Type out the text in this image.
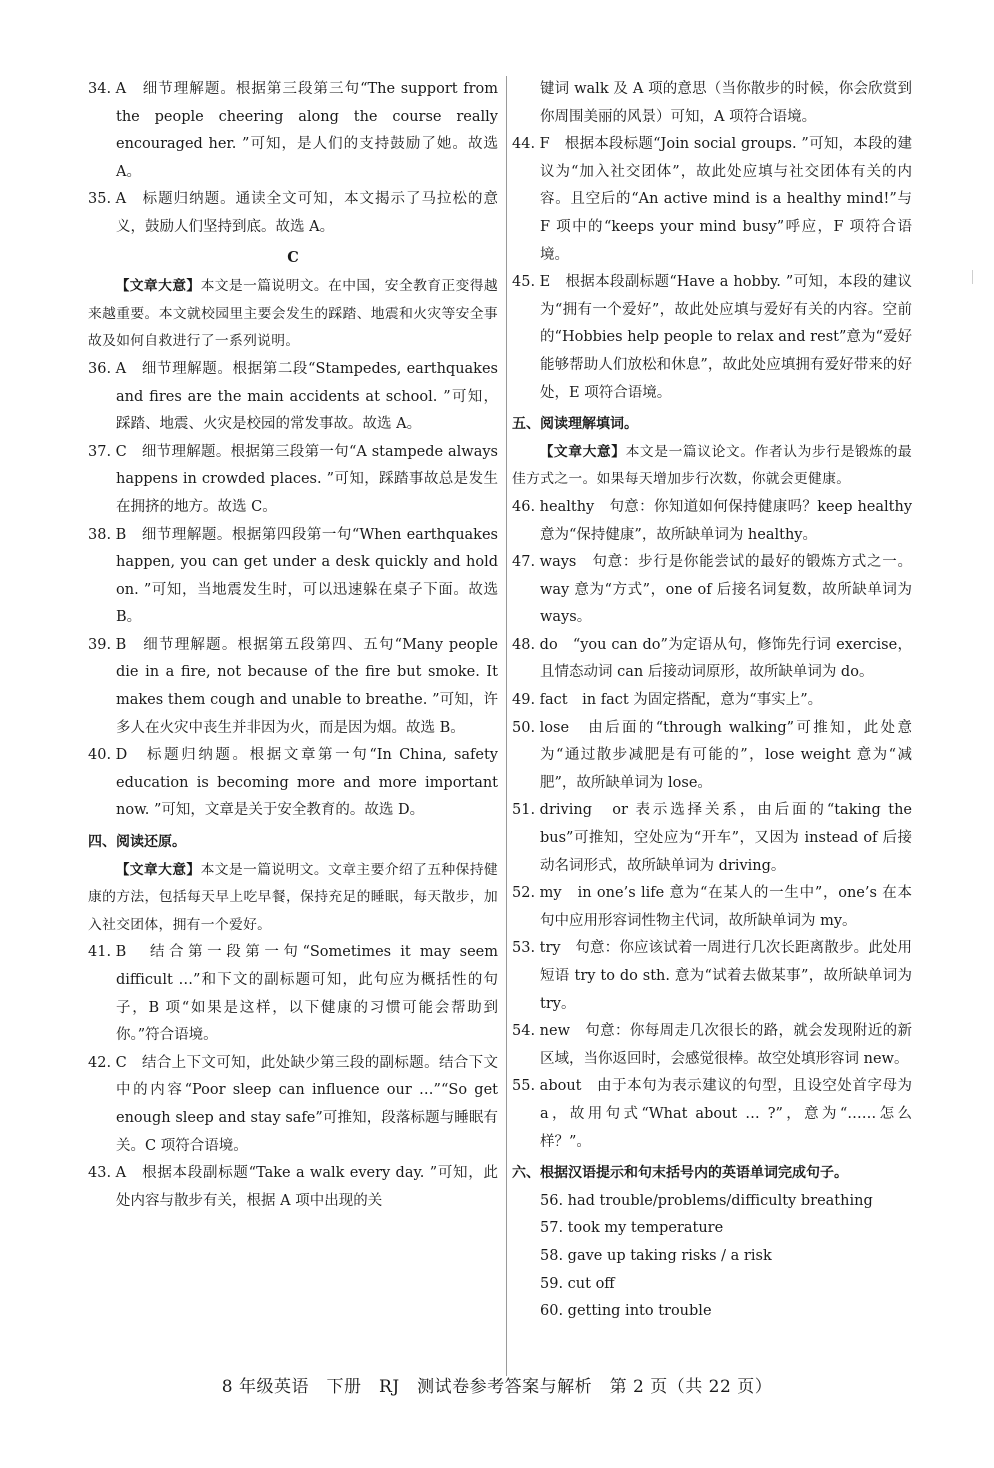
34. A　 细节理解题。根据第三段第三句“The support from the people cheering along the course really encouraged her. ”可知，是人们的支持鼓励了她。故选 A。

35. A　 标题归纳题。通读全文可知，本文揭示了马拉松的意义，鼓励人们坚持到底。故选 A。

C

【文章大意】本文是一篇说明文。在中国，安全教育正变得越来越重要。本文就校园里主要会发生的踩踏、地震和火灾等安全事故及如何自救进行了一系列说明。

36. A　 细节理解题。根据第二段“Stampedes, earthquakes and fires are the main accidents at school. ”可知，踩踏、地震、火灾是校园的常发事故。故选 A。

37. C　 细节理解题。根据第三段第一句“A stampede always happens in crowded places. ”可知，踩踏事故总是发生在拥挤的地方。故选 C。

38. B　 细节理解题。根据第四段第一句“When earthquakes happen, you can get under a desk quickly and hold on. ”可知，当地震发生时，可以迅速躲在桌子下面。故选 B。

39. B　 细节理解题。根据第五段第四、五句“Many people die in a fire, not because of the fire but smoke. It makes them cough and unable to breathe. ”可知，许多人在火灾中丧生并非因为火，而是因为烟。故选 B。

40. D　 标题归纳题。根据文章第一句“In China, safety education is becoming more and more important now. ”可知，文章是关于安全教育的。故选 D。

四、阅读还原。

【文章大意】本文是一篇说明文。文章主要介绍了五种保持健康的方法，包括每天早上吃早餐，保持充足的睡眠，每天散步，加入社交团体，拥有一个爱好。

41. B　 结合第一段第一句“Sometimes it may seem difficult …”和下文的副标题可知，此句应为概括性的句子，B 项“如果是这样，以下健康的习惯可能会帮助到你。”符合语境。

42. C　 结合上下文可知，此处缺少第三段的副标题。结合下文中的内容“Poor sleep can influence our …”“So get enough sleep and stay safe”可推知，段落标题与睡眠有关。C 项符合语境。

43. A　 根据本段副标题“Take a walk every day. ”可知，此处内容与散步有关，根据 A 项中出现的关

键词 walk 及 A 项的意思（当你散步的时候，你会欣赏到你周围美丽的风景）可知，A 项符合语境。

44. F　 根据本段标题“Join social groups. ”可知，本段的建议为“加入社交团体”，故此处应填与社交团体有关的内容。且空后的“An active mind is a healthy mind!”与 F 项中的“keeps your mind busy”呼应，F 项符合语境。

45. E　 根据本段副标题“Have a hobby. ”可知，本段的建议为“拥有一个爱好”，故此处应填与爱好有关的内容。空前的“Hobbies help people to relax and rest”意为“爱好能够帮助人们放松和休息”，故此处应填拥有爱好带来的好处，E 项符合语境。

五、阅读理解填词。

【文章大意】本文是一篇议论文。作者认为步行是锻炼的最佳方式之一。如果每天增加步行次数，你就会更健康。

46. healthy　 句意：你知道如何保持健康吗？keep healthy 意为“保持健康”，故所缺单词为 healthy。

47. ways　 句意：步行是你能尝试的最好的锻炼方式之一。way 意为“方式”，one of 后接名词复数，故所缺单词为 ways。

48. do　 “you can do”为定语从句，修饰先行词 exercise，且情态动词 can 后接动词原形，故所缺单词为 do。

49. fact　 in fact 为固定搭配，意为“事实上”。

50. lose　 由后面的“through walking”可推知，此处意为“通过散步减肥是有可能的”，lose weight 意为“减肥”，故所缺单词为 lose。

51. driving　 or 表示选择关系，由后面的“taking the bus”可推知，空处应为“开车”，又因为 instead of 后接动名词形式，故所缺单词为 driving。

52. my　 in one’s life 意为“在某人的一生中”，one’s 在本句中应用形容词性物主代词，故所缺单词为 my。

53. try　 句意：你应该试着一周进行几次长距离散步。此处用短语 try to do sth. 意为“试着去做某事”，故所缺单词为 try。

54. new　 句意：你每周走几次很长的路，就会发现附近的新区域，当你返回时，会感觉很棒。故空处填形容词 new。

55. about　 由于本句为表示建议的句型，且设空处首字母为 a，故用句式“What about … ?”，意为“……怎么样？”。

六、根据汉语提示和句末括号内的英语单词完成句子。

56. had trouble/problems/difficulty breathing

57. took my temperature

58. gave up taking risks / a risk

59. cut off

60. getting into trouble

8 年级英语　下册　RJ　测试卷参考答案与解析　第 2 页（共 22 页）
